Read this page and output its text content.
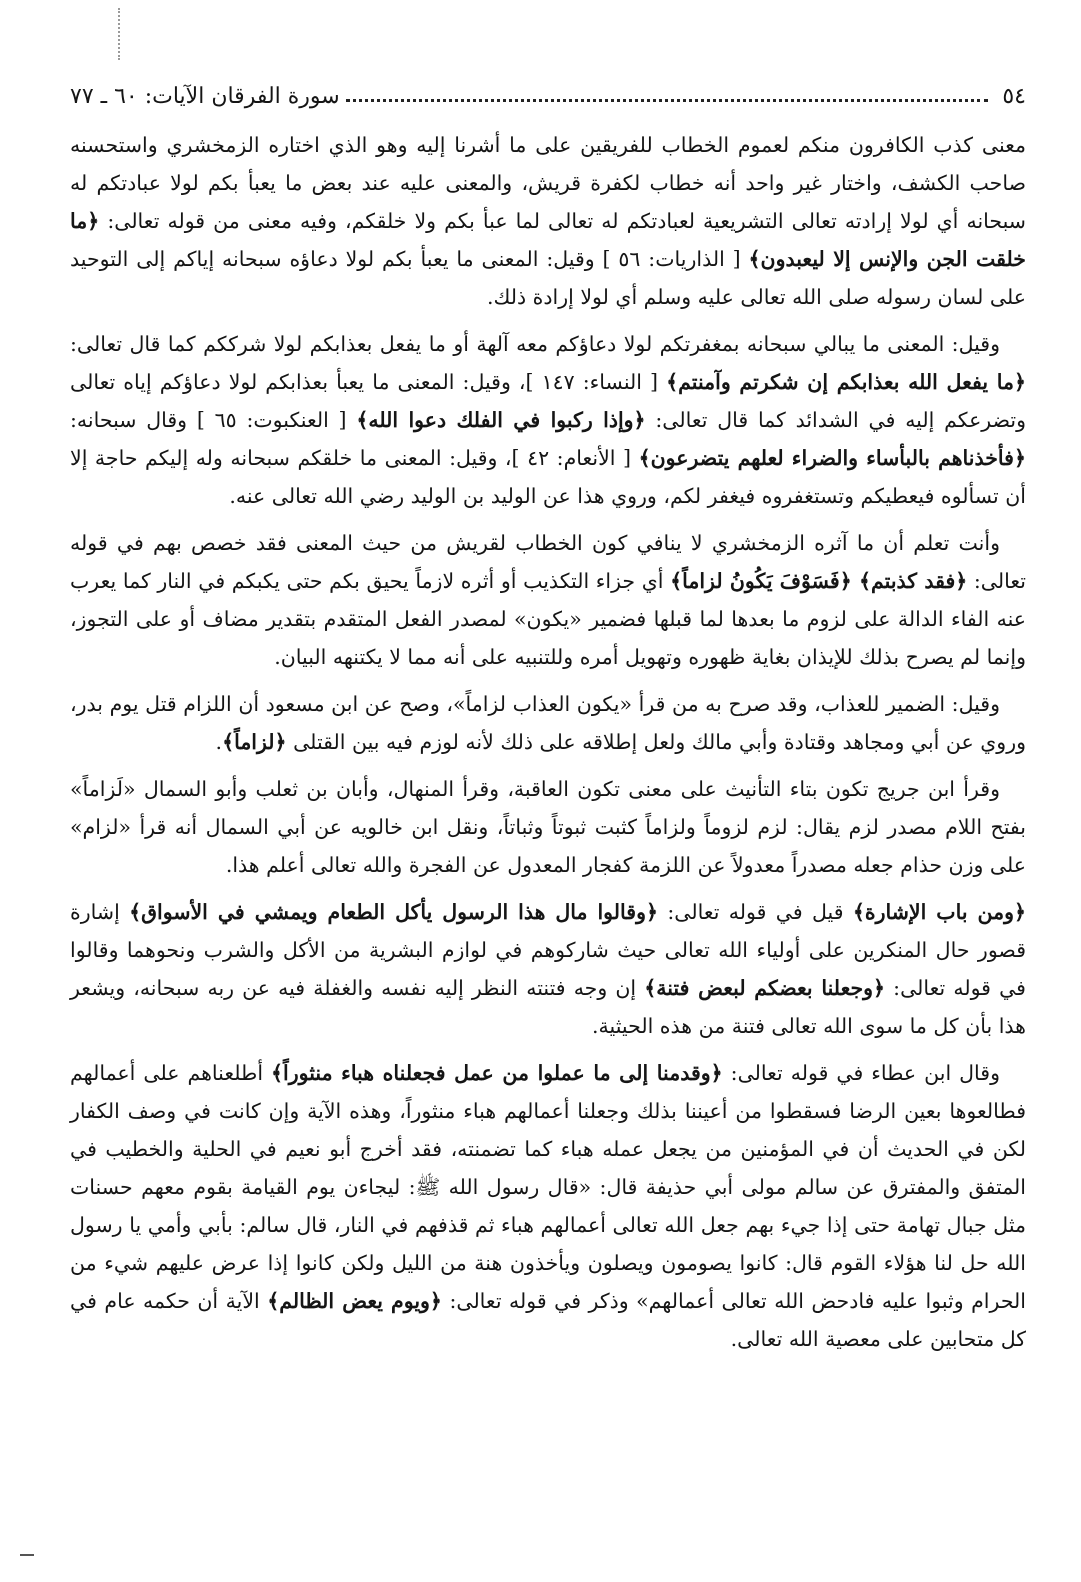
٥٤
سورة الفرقان الآيات: ٦٠ ـ ٧٧

معنى كذب الكافرون منكم لعموم الخطاب للفريقين على ما أشرنا إليه وهو الذي اختاره الزمخشري واستحسنه صاحب الكشف، واختار غير واحد أنه خطاب لكفرة قريش، والمعنى عليه عند بعض ما يعبأ بكم لولا عبادتكم له سبحانه أي لولا إرادته تعالى التشريعية لعبادتكم له تعالى لما عبأ بكم ولا خلقكم، وفيه معنى من قوله تعالى: ﴿ما خلقت الجن والإنس إلا ليعبدون﴾ [ الذاريات: ٥٦ ] وقيل: المعنى ما يعبأ بكم لولا دعاؤه سبحانه إياكم إلى التوحيد على لسان رسوله صلى الله تعالى عليه وسلم أي لولا إرادة ذلك.

وقيل: المعنى ما يبالي سبحانه بمغفرتكم لولا دعاؤكم معه آلهة أو ما يفعل بعذابكم لولا شرككم كما قال تعالى: ﴿ما يفعل الله بعذابكم إن شكرتم وآمنتم﴾ [ النساء: ١٤٧ ]، وقيل: المعنى ما يعبأ بعذابكم لولا دعاؤكم إياه تعالى وتضرعكم إليه في الشدائد كما قال تعالى: ﴿وإذا ركبوا في الفلك دعوا الله﴾ [ العنكبوت: ٦٥ ] وقال سبحانه: ﴿فأخذناهم بالبأساء والضراء لعلهم يتضرعون﴾ [ الأنعام: ٤٢ ]، وقيل: المعنى ما خلقكم سبحانه وله إليكم حاجة إلا أن تسألوه فيعطيكم وتستغفروه فيغفر لكم، وروي هذا عن الوليد بن الوليد رضي الله تعالى عنه.

وأنت تعلم أن ما آثره الزمخشري لا ينافي كون الخطاب لقريش من حيث المعنى فقد خصص بهم في قوله تعالى: ﴿فقد كذبتم﴾ ﴿فَسَوْفَ يَكُونُ لزاماً﴾ أي جزاء التكذيب أو أثره لازماً يحيق بكم حتى يكبكم في النار كما يعرب عنه الفاء الدالة على لزوم ما بعدها لما قبلها فضمير «يكون» لمصدر الفعل المتقدم بتقدير مضاف أو على التجوز، وإنما لم يصرح بذلك للإيذان بغاية ظهوره وتهويل أمره وللتنبيه على أنه مما لا يكتنهه البيان.

وقيل: الضمير للعذاب، وقد صرح به من قرأ «يكون العذاب لزاماً»، وصح عن ابن مسعود أن اللزام قتل يوم بدر، وروي عن أبي ومجاهد وقتادة وأبي مالك ولعل إطلاقه على ذلك لأنه لوزم فيه بين القتلى ﴿لزاماً﴾.

وقرأ ابن جريج تكون بتاء التأنيث على معنى تكون العاقبة، وقرأ المنهال، وأبان بن ثعلب وأبو السمال «لَزاماً» بفتح اللام مصدر لزم يقال: لزم لزوماً ولزاماً كثبت ثبوتاً وثباتاً، ونقل ابن خالويه عن أبي السمال أنه قرأ «لزام» على وزن حذام جعله مصدراً معدولاً عن اللزمة كفجار المعدول عن الفجرة والله تعالى أعلم هذا.

﴿ومن باب الإشارة﴾ قيل في قوله تعالى: ﴿وقالوا مال هذا الرسول يأكل الطعام ويمشي في الأسواق﴾ إشارة قصور حال المنكرين على أولياء الله تعالى حيث شاركوهم في لوازم البشرية من الأكل والشرب ونحوهما وقالوا في قوله تعالى: ﴿وجعلنا بعضكم لبعض فتنة﴾ إن وجه فتنته النظر إليه نفسه والغفلة فيه عن ربه سبحانه، ويشعر هذا بأن كل ما سوى الله تعالى فتنة من هذه الحيثية.

وقال ابن عطاء في قوله تعالى: ﴿وقدمنا إلى ما عملوا من عمل فجعلناه هباء منثوراً﴾ أطلعناهم على أعمالهم فطالعوها بعين الرضا فسقطوا من أعيننا بذلك وجعلنا أعمالهم هباء منثوراً، وهذه الآية وإن كانت في وصف الكفار لكن في الحديث أن في المؤمنين من يجعل عمله هباء كما تضمنته، فقد أخرج أبو نعيم في الحلية والخطيب في المتفق والمفترق عن سالم مولى أبي حذيفة قال: «قال رسول الله ﷺ: ليجاءن يوم القيامة بقوم معهم حسنات مثل جبال تهامة حتى إذا جيء بهم جعل الله تعالى أعمالهم هباء ثم قذفهم في النار، قال سالم: بأبي وأمي يا رسول الله حل لنا هؤلاء القوم قال: كانوا يصومون ويصلون ويأخذون هنة من الليل ولكن كانوا إذا عرض عليهم شيء من الحرام وثبوا عليه فادحض الله تعالى أعمالهم» وذكر في قوله تعالى: ﴿ويوم يعض الظالم﴾ الآية أن حكمه عام في كل متحابين على معصية الله تعالى.
